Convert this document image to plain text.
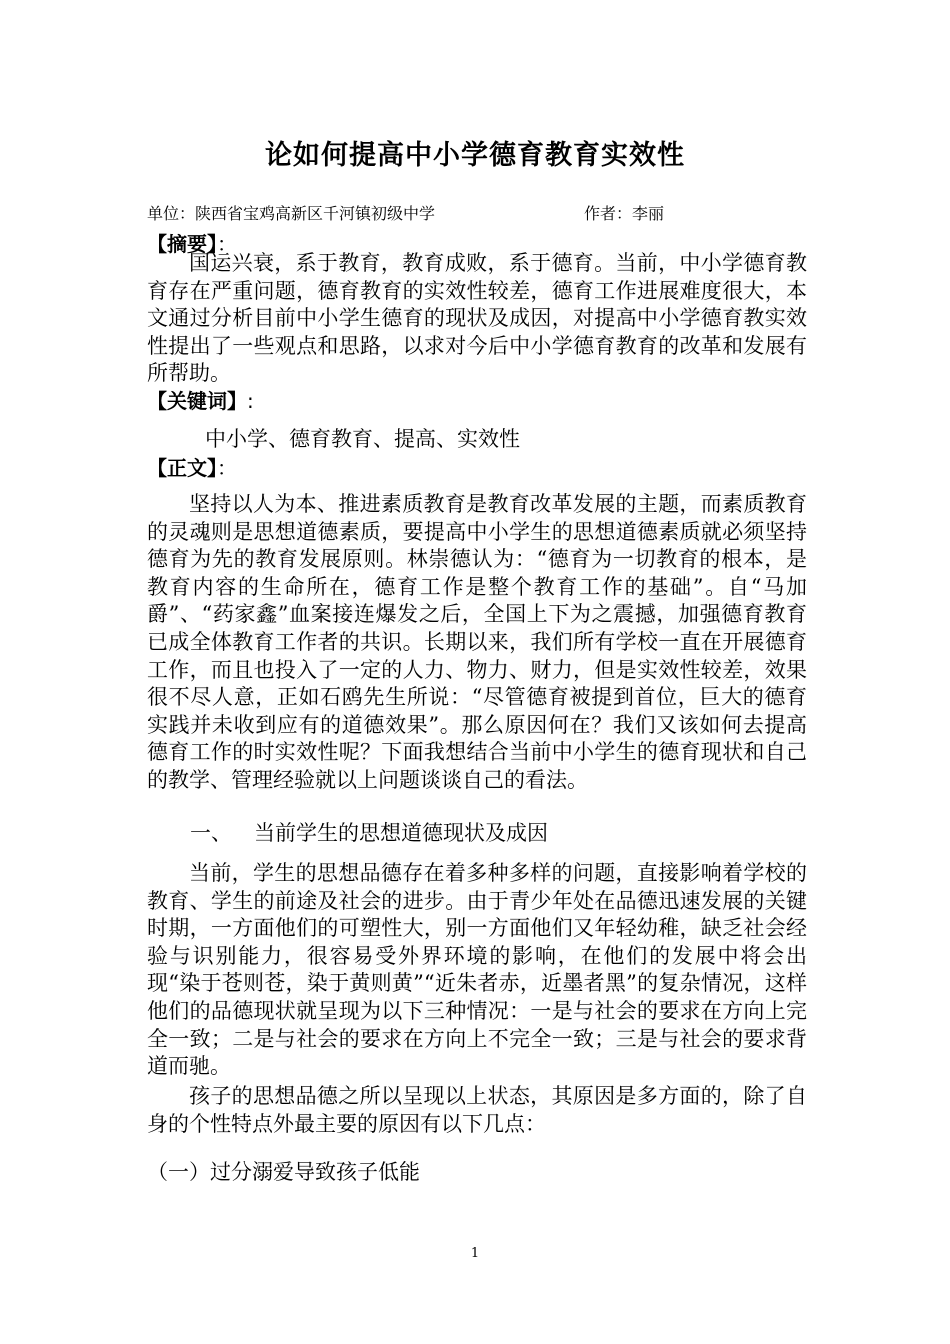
论如何提高中小学德育教育实效性
单位：陕西省宝鸡高新区千河镇初级中学	作者：李丽
【摘要】：

国运兴衰，系于教育，教育成败，系于德育。当前，中小学德育教育存在严重问题，德育教育的实效性较差，德育工作进展难度很大，本文通过分析目前中小学生德育的现状及成因，对提高中小学德育教实效性提出了一些观点和思路，以求对今后中小学德育教育的改革和发展有所帮助。

【关键词】:
中小学、德育教育、提高、实效性
【正文】：

坚持以人为本、推进素质教育是教育改革发展的主题，而素质教育的灵魂则是思想道德素质，要提高中小学生的思想道德素质就必须坚持德育为先的教育发展原则。林崇德认为：“德育为一切教育的根本，是教育内容的生命所在，德育工作是整个教育工作的基础”。自“马加爵”、“药家鑫”血案接连爆发之后，全国上下为之震撼，加强德育教育已成全体教育工作者的共识。长期以来，我们所有学校一直在开展德育工作，而且也投入了一定的人力、物力、财力，但是实效性较差，效果很不尽人意，正如石鸥先生所说：“尽管德育被提到首位，巨大的德育实践并未收到应有的道德效果”。那么原因何在？我们又该如何去提高德育工作的时实效性呢？下面我想结合当前中小学生的德育现状和自己的教学、管理经验就以上问题谈谈自己的看法。

一、 当前学生的思想道德现状及成因

当前，学生的思想品德存在着多种多样的问题，直接影响着学校的教育、学生的前途及社会的进步。由于青少年处在品德迅速发展的关键时期，一方面他们的可塑性大，别一方面他们又年轻幼稚，缺乏社会经验与识别能力，很容易受外界环境的影响，在他们的发展中将会出现“染于苍则苍，染于黄则黄”“近朱者赤，近墨者黑”的复杂情况，这样他们的品德现状就呈现为以下三种情况：一是与社会的要求在方向上完全一致；二是与社会的要求在方向上不完全一致；三是与社会的要求背道而驰。

孩子的思想品德之所以呈现以上状态，其原因是多方面的，除了自身的个性特点外最主要的原因有以下几点：

（一）过分溺爱导致孩子低能
1
